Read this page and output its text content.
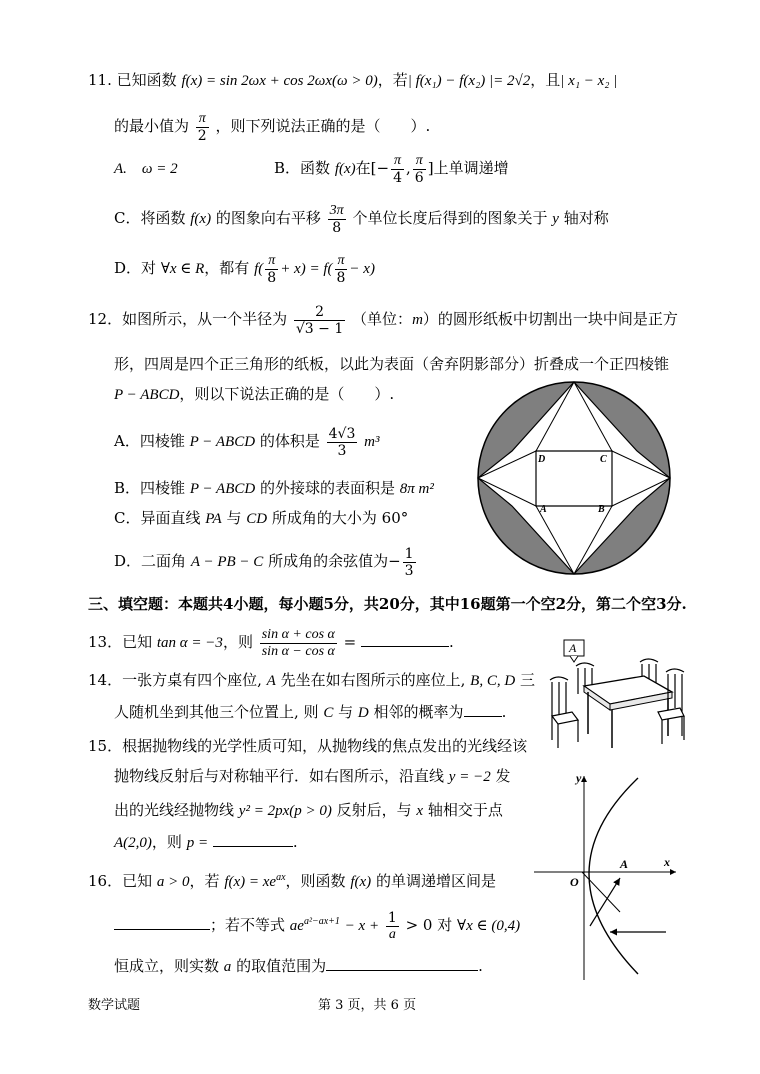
11. 已知函数 f(x) = sin 2ωx + cos 2ωx(ω > 0)，若| f(x₁) − f(x₂) |= 2√2，且| x₁ − x₂ |
的最小值为 $\frac{\pi}{2}$ ，则下列说法正确的是（　　）.
A.　ω = 2	B．函数 f(x)在[− $\frac{\pi}{4}$ , $\frac{\pi}{6}$ ]上单调递增
C．将函数 f(x) 的图象向右平移 $\frac{3\pi}{8}$ 个单位长度后得到的图象关于 y 轴对称
D．对 ∀x ∈ R，都有 $f( \frac{\pi}{8} + x) = f( \frac{\pi}{8} - x)$
12．如图所示，从一个半径为 $\frac{2}{√3 - 1}$ （单位：m）的圆形纸板中切割出一块中间是正方
形，四周是四个正三角形的纸板，以此为表面（舍弃阴影部分）折叠成一个正四棱锥
P − ABCD，则以下说法正确的是（　　）.
A．四棱锥 P − ABCD 的体积是 $\frac{4√3}{3} m^3$
B．四棱锥 P − ABCD 的外接球的表面积是 8π m²
C．异面直线 PA 与 CD 所成角的大小为 60°
D．二面角 A − PB − C 所成角的余弦值为− $\frac{1}{3}$
D	C
A	B
三、填空题：本题共4小题，每小题5分，共20分，其中16题第一个空2分，第二个空3分.
13．已知 tan α = −3，则 $\frac{\text{sin α + cos α}}{\text{sin α − cos α}}$ =	.
14．一张方桌有四个座位, A 先坐在如右图所示的座位上, B, C, D 三
人随机坐到其他三个位置上, 则 C 与 D 相邻的概率为	.
A
15．根据抛物线的光学性质可知，从抛物线的焦点发出的光线经该
抛物线反射后与对称轴平行．如右图所示，沿直线 y = −2 发
出的光线经抛物线 y² = 2px(p > 0) 反射后，与 x 轴相交于点
A(2,0)，则 p =	.
y
x
O
A
16．已知 a > 0，若 $f(x) = xe^{ax}$，则函数 f(x) 的单调递增区间是
；若不等式 $ae^{a^2-ax+1} - x + \frac{1}{a} > 0$ 对 ∀x ∈ (0,4)
恒成立，则实数 a 的取值范围为	.
数学试题	第 3 页，共 6 页
